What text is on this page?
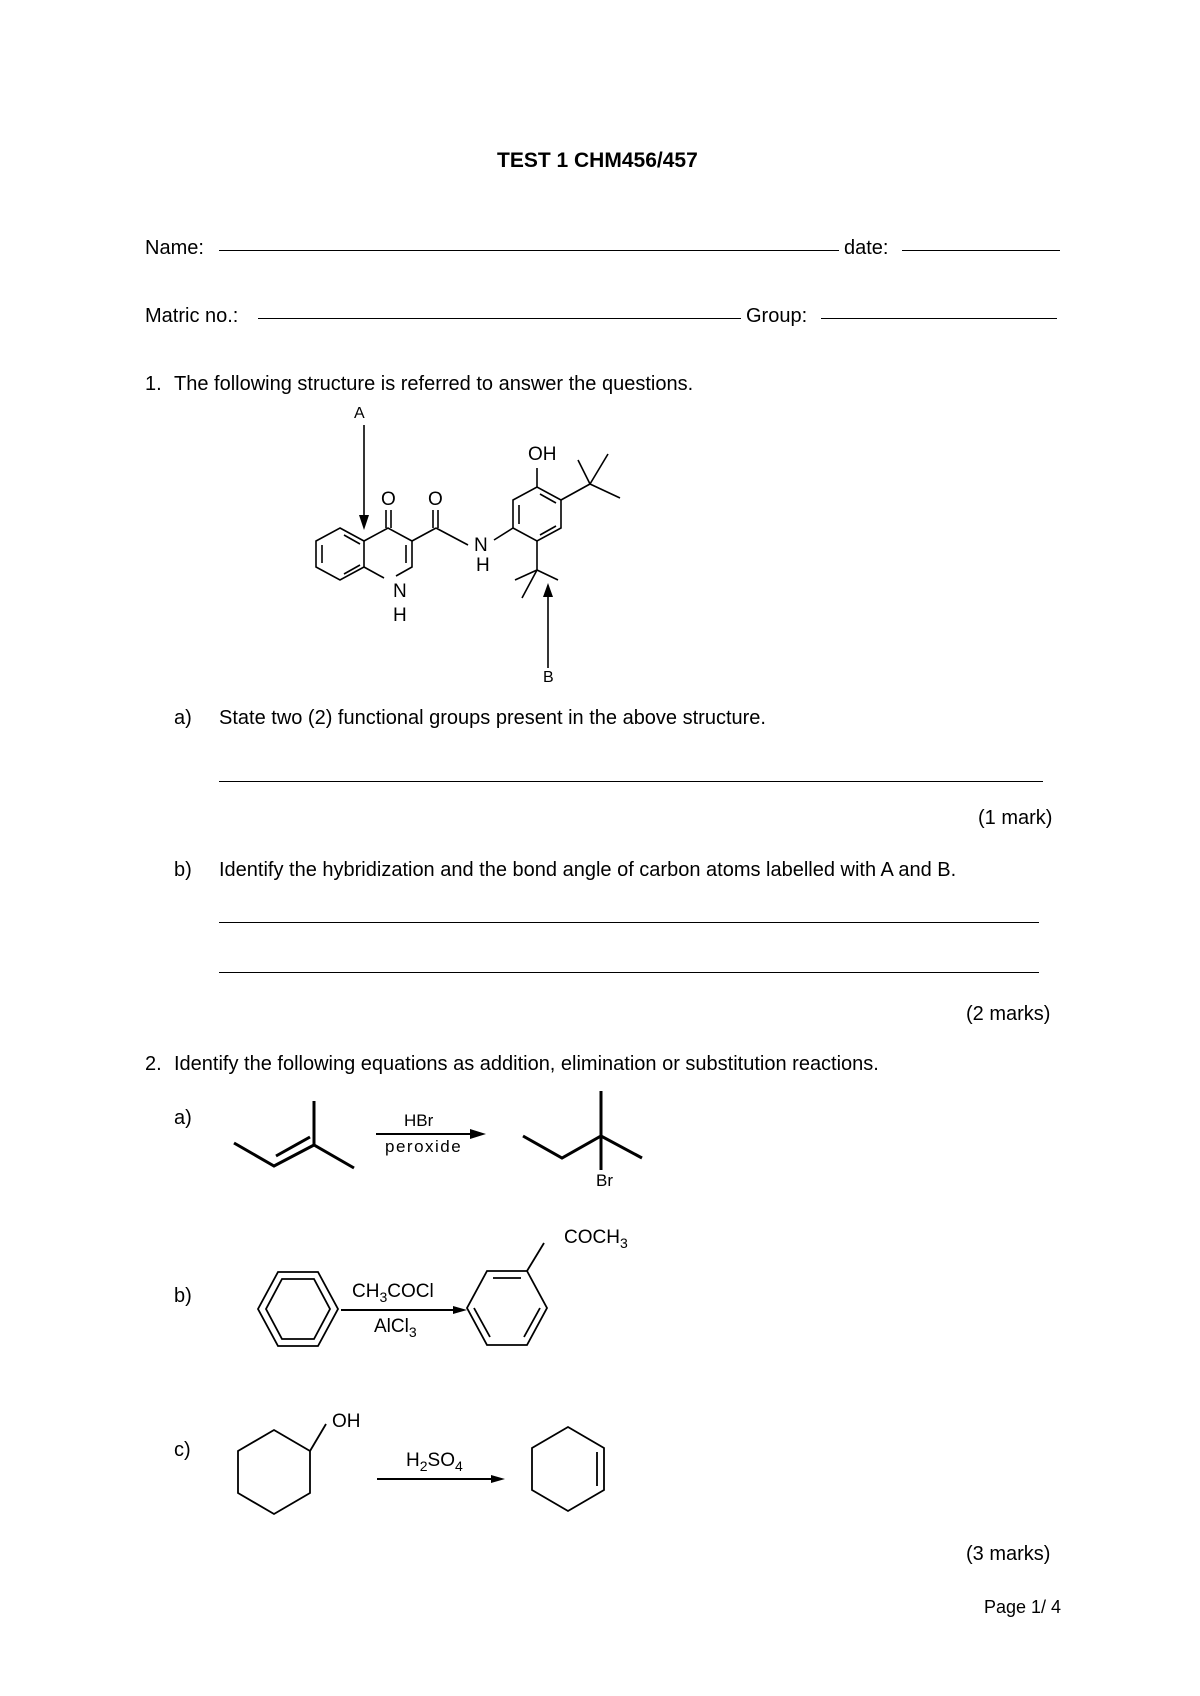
TEST 1 CHM456/457
Name:	date:
Matric no.:	Group:
1. The following structure is referred to answer the questions.
A
B
OH
O O
N
H
N
H
a) State two (2) functional groups present in the above structure.
(1 mark)
b) Identify the hybridization and the bond angle of carbon atoms labelled with A and B.
(2 marks)
2. Identify the following equations as addition, elimination or substitution reactions.
a)	HBr
peroxide
Br
b)	$CH_3COCl$
AlCl$_3$
$COCH_3$
c)
OH
$H_2SO_4$
(3 marks)
Page 1/ 4
